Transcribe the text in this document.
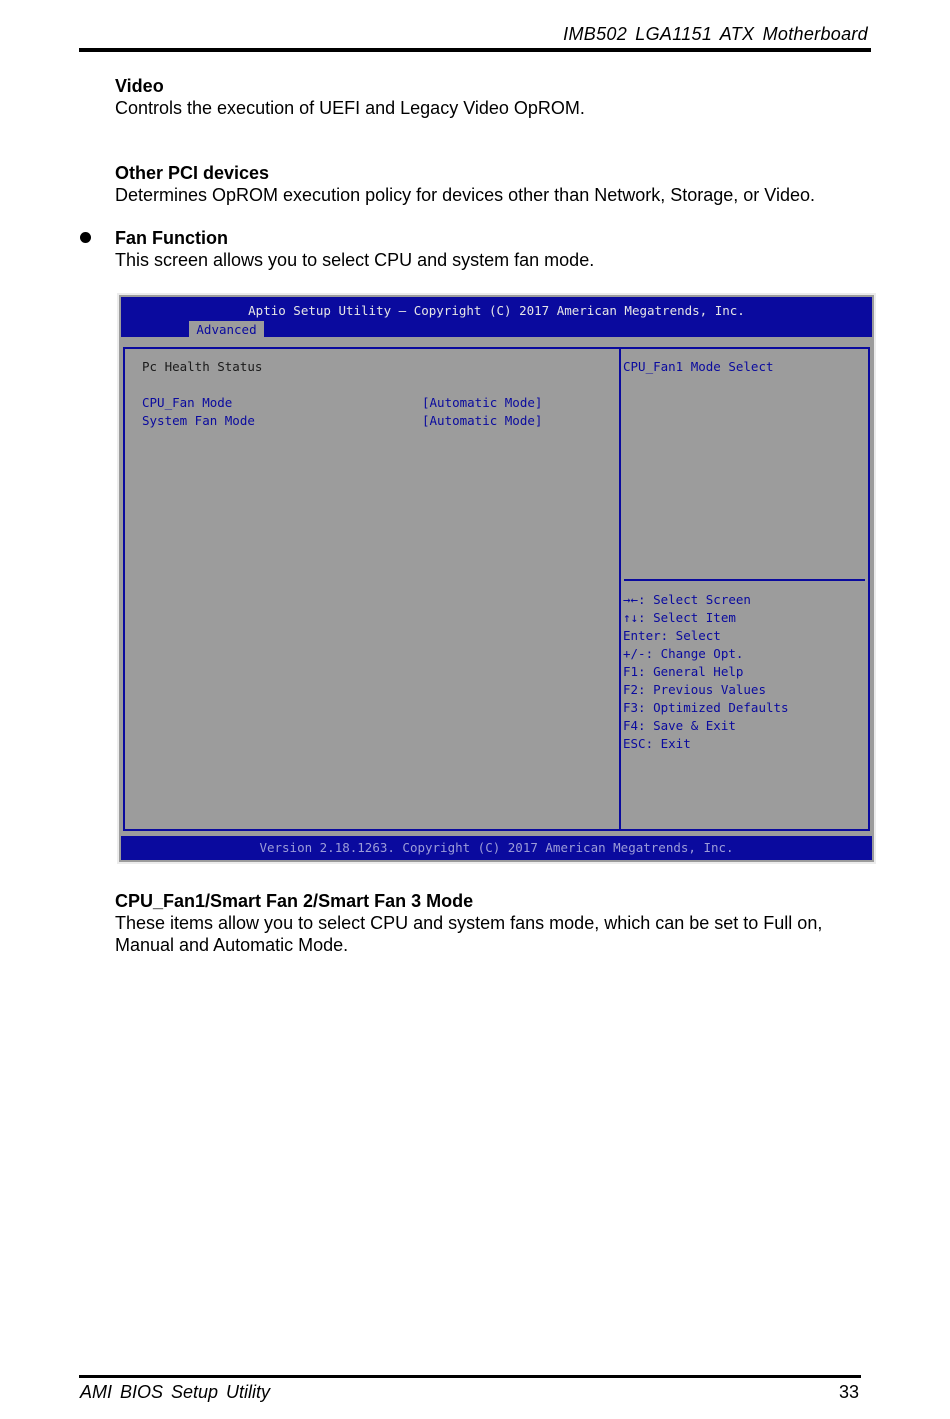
IMB502 LGA1151 ATX Motherboard
Video
Controls the execution of UEFI and Legacy Video OpROM.
Other PCI devices
Determines OpROM execution policy for devices other than Network, Storage, or Video.
Fan Function
This screen allows you to select CPU and system fan mode.
Aptio Setup Utility – Copyright (C) 2017 American Megatrends, Inc.
Advanced
Pc Health Status
CPU_Fan Mode	[Automatic Mode]
System Fan Mode	[Automatic Mode]
CPU_Fan1 Mode Select
→←: Select Screen
↑↓: Select Item
Enter: Select
+/-: Change Opt.
F1: General Help
F2: Previous Values
F3: Optimized Defaults
F4: Save & Exit
ESC: Exit
Version 2.18.1263. Copyright (C) 2017 American Megatrends, Inc.
CPU_Fan1/Smart Fan 2/Smart Fan 3 Mode
These items allow you to select CPU and system fans mode, which can be set to Full on,
Manual and Automatic Mode.
AMI BIOS Setup Utility	33
